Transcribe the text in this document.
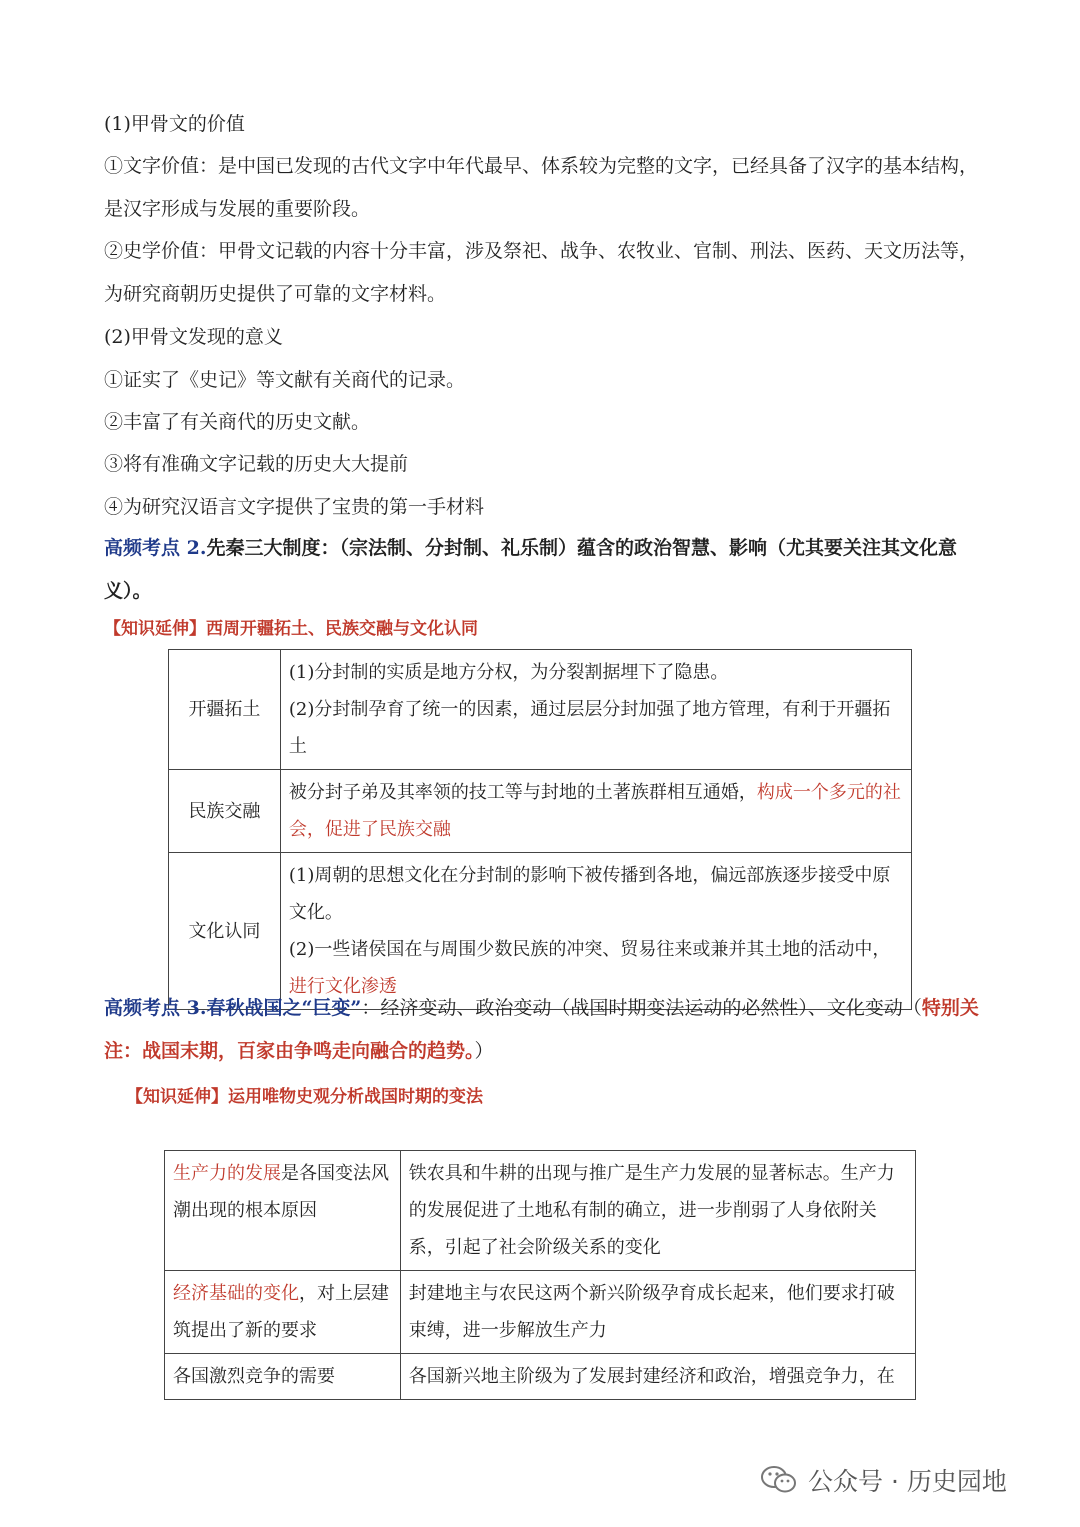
(1)甲骨文的价值
①文字价值：是中国已发现的古代文字中年代最早、体系较为完整的文字，已经具备了汉字的基本结构，是汉字形成与发展的重要阶段。
②史学价值：甲骨文记载的内容十分丰富，涉及祭祀、战争、农牧业、官制、刑法、医药、天文历法等，为研究商朝历史提供了可靠的文字材料。
(2)甲骨文发现的意义
①证实了《史记》等文献有关商代的记录。
②丰富了有关商代的历史文献。
③将有准确文字记载的历史大大提前
④为研究汉语言文字提供了宝贵的第一手材料
高频考点 2.先秦三大制度：（宗法制、分封制、礼乐制）蕴含的政治智慧、影响（尤其要关注其文化意义）。
【知识延伸】西周开疆拓土、民族交融与文化认同
开疆拓土	(1)分封制的实质是地方分权，为分裂割据埋下了隐患。
(2)分封制孕育了统一的因素，通过层层分封加强了地方管理，有利于开疆拓土

民族交融	被分封子弟及其率领的技工等与封地的土著族群相互通婚，构成一个多元的社会，促进了民族交融
文化认同	(1)周朝的思想文化在分封制的影响下被传播到各地，偏远部族逐步接受中原文化。
(2)一些诸侯国在与周围少数民族的冲突、贸易往来或兼并其土地的活动中，进行文化渗透
高频考点 3.春秋战国之“巨变”：经济变动、政治变动（战国时期变法运动的必然性）、文化变动（特别关注：战国末期，百家由争鸣走向融合的趋势。）
【知识延伸】运用唯物史观分析战国时期的变法
生产力的发展是各国变法风潮出现的根本原因	铁农具和牛耕的出现与推广是生产力发展的显著标志。生产力的发展促进了土地私有制的确立，进一步削弱了人身依附关系，引起了社会阶级关系的变化
经济基础的变化，对上层建筑提出了新的要求	封建地主与农民这两个新兴阶级孕育成长起来，他们要求打破束缚，进一步解放生产力
各国激烈竞争的需要	各国新兴地主阶级为了发展封建经济和政治，增强竞争力，在
公众号 · 历史园地
